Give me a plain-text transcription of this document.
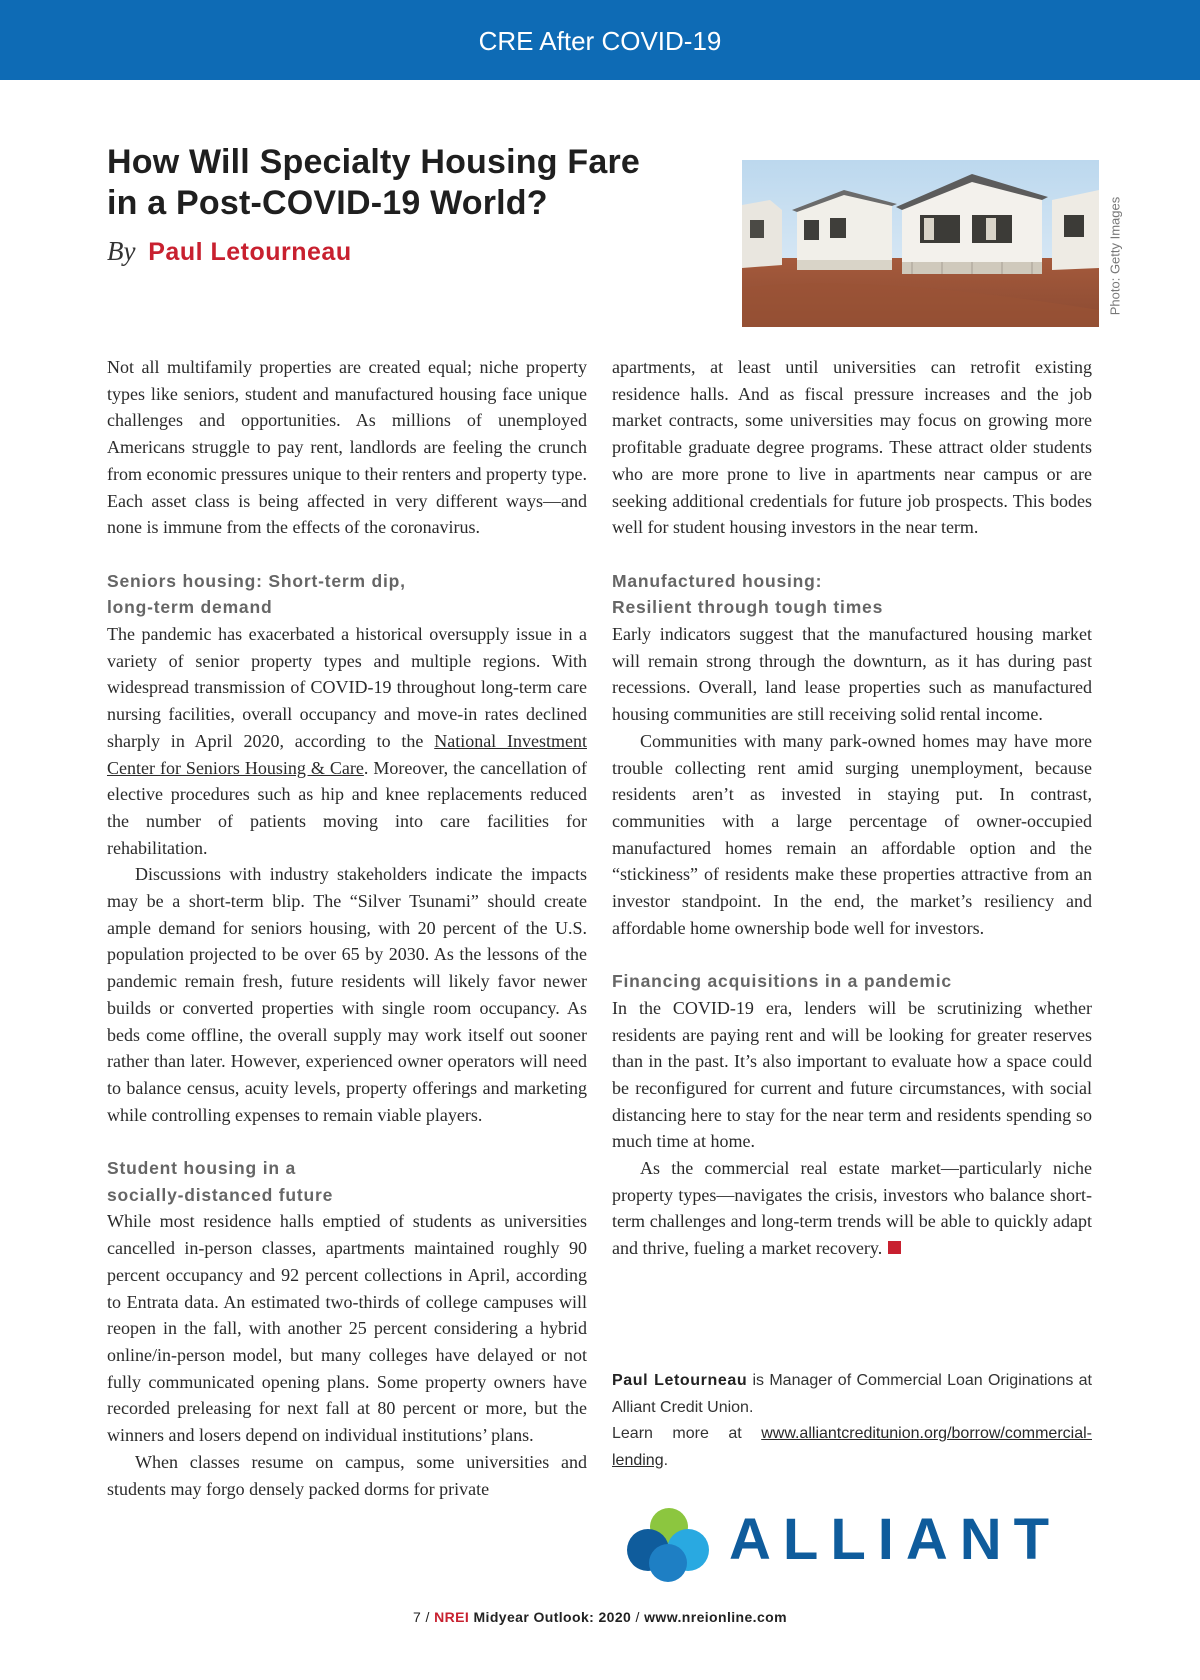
CRE After COVID-19
How Will Specialty Housing Fare
in a Post-COVID-19 World?
By Paul Letourneau	Photo: Getty Images

Not all multifamily properties are created equal; niche property types like seniors, student and manufactured housing face unique challenges and opportunities. As millions of unemployed Americans struggle to pay rent, landlords are feeling the crunch from economic pressures unique to their renters and property type. Each asset class is being affected in very different ways—and none is immune from the effects of the coronavirus.

Seniors housing: Short-term dip,
long-term demand

The pandemic has exacerbated a historical oversupply issue in a variety of senior property types and multiple regions. With widespread transmission of COVID-19 throughout long-term care nursing facilities, overall occupancy and move-in rates declined sharply in April 2020, according to the National Investment Center for Seniors Housing & Care. Moreover, the cancellation of elective procedures such as hip and knee replacements reduced the number of patients moving into care facilities for rehabilitation.

Discussions with industry stakeholders indicate the impacts may be a short-term blip. The “Silver Tsunami” should create ample demand for seniors housing, with 20 percent of the U.S. population projected to be over 65 by 2030. As the lessons of the pandemic remain fresh, future residents will likely favor newer builds or converted properties with single room occupancy. As beds come offline, the overall supply may work itself out sooner rather than later. However, experienced owner operators will need to balance census, acuity levels, property offerings and marketing while controlling expenses to remain viable players.

Student housing in a
socially-distanced future

While most residence halls emptied of students as universities cancelled in-person classes, apartments maintained roughly 90 percent occupancy and 92 percent collections in April, according to Entrata data. An estimated two-thirds of college campuses will reopen in the fall, with another 25 percent considering a hybrid online/in-person model, but many colleges have delayed or not fully communicated opening plans. Some property owners have recorded preleasing for next fall at 80 percent or more, but the winners and losers depend on individual institutions’ plans.

When classes resume on campus, some universities and students may forgo densely packed dorms for private

apartments, at least until universities can retrofit existing residence halls. And as fiscal pressure increases and the job market contracts, some universities may focus on growing more profitable graduate degree programs. These attract older students who are more prone to live in apartments near campus or are seeking additional credentials for future job prospects. This bodes well for student housing investors in the near term.

Manufactured housing:
Resilient through tough times

Early indicators suggest that the manufactured housing market will remain strong through the downturn, as it has during past recessions. Overall, land lease properties such as manufactured housing communities are still receiving solid rental income.

Communities with many park-owned homes may have more trouble collecting rent amid surging unemployment, because residents aren’t as invested in staying put. In contrast, communities with a large percentage of owner-occupied manufactured homes remain an affordable option and the “stickiness” of residents make these properties attractive from an investor standpoint. In the end, the market’s resiliency and affordable home ownership bode well for investors.

Financing acquisitions in a pandemic

In the COVID-19 era, lenders will be scrutinizing whether residents are paying rent and will be looking for greater reserves than in the past. It’s also important to evaluate how a space could be reconfigured for current and future circumstances, with social distancing here to stay for the near term and residents spending so much time at home.

As the commercial real estate market—particularly niche property types—navigates the crisis, investors who balance short-term challenges and long-term trends will be able to quickly adapt and thrive, fueling a market recovery.

Paul Letourneau is Manager of Commercial Loan Originations at Alliant Credit Union.

Learn more at www.alliantcreditunion.org/borrow/commercial-lending.

ALLIANT
7 / NREI Midyear Outlook: 2020 / www.nreionline.com
